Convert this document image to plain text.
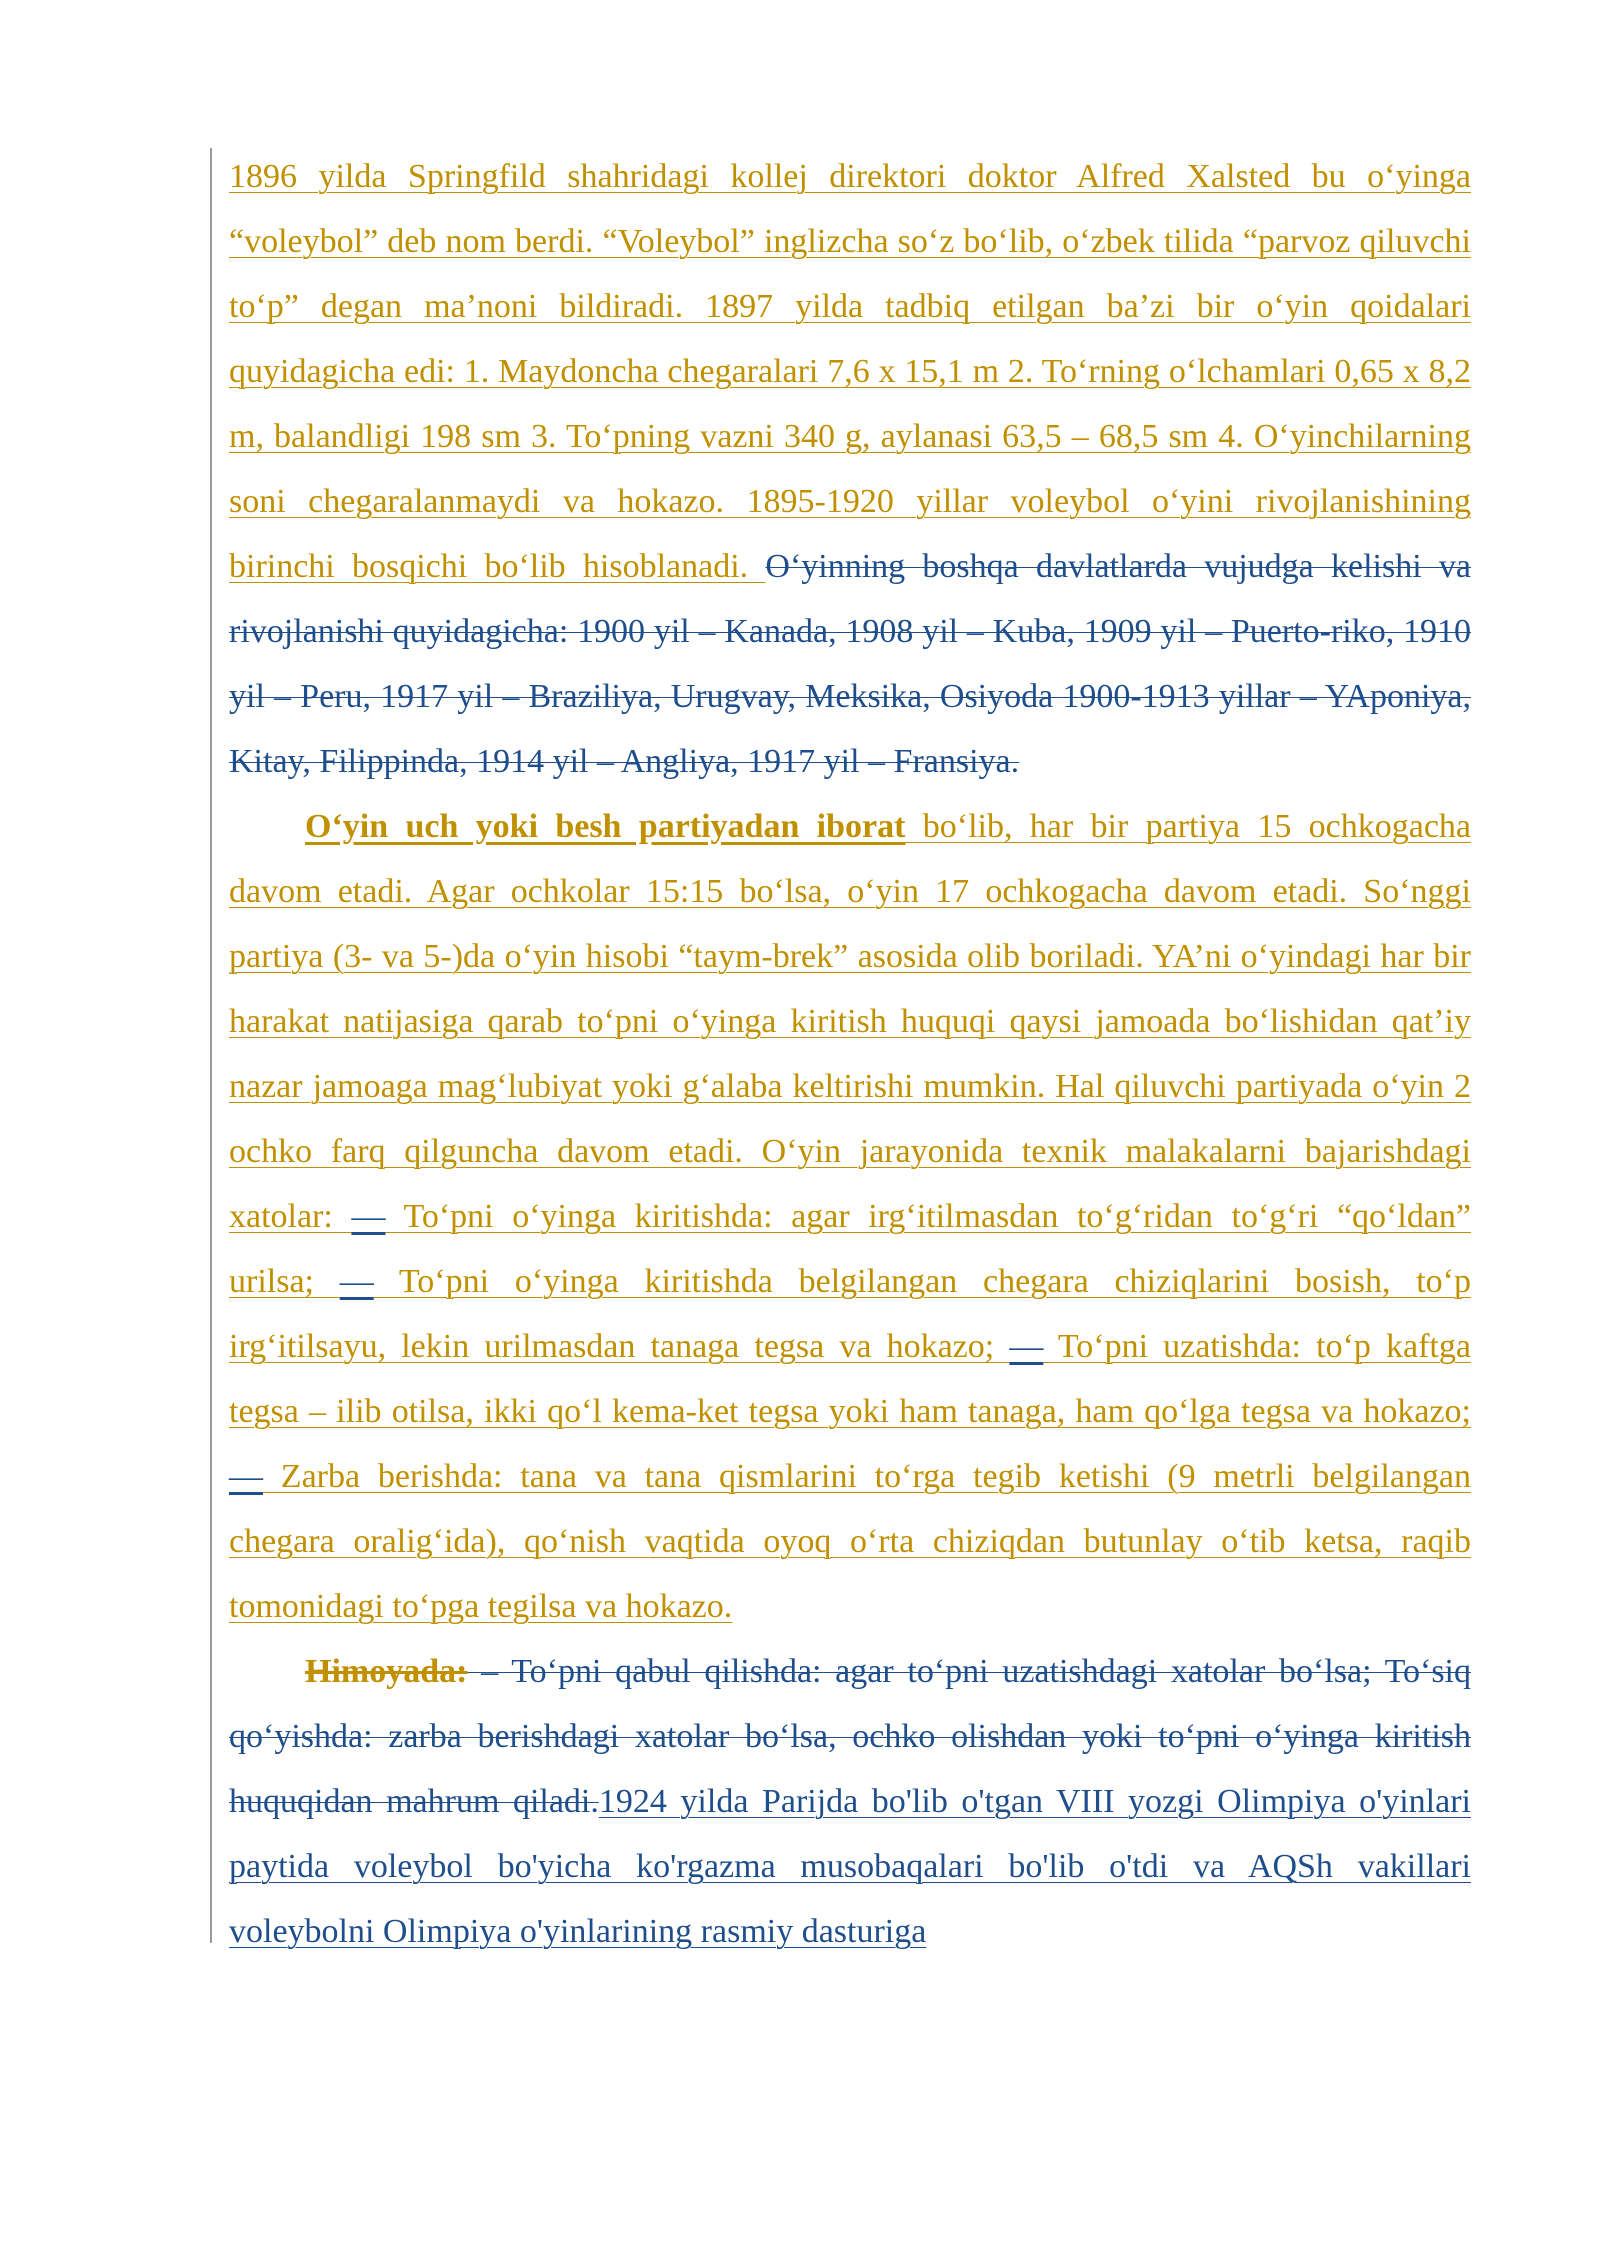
1896 yilda Springfild shahridagi kollej direktori doktor Alfred Xalsted bu o‘yinga “voleybol” deb nom berdi. “Voleybol” inglizcha so‘z bo‘lib, o‘zbek tilida “parvoz qiluvchi to‘p” degan ma’noni bildiradi. 1897 yilda tadbiq etilgan ba’zi bir o‘yin qoidalari quyidagicha edi: 1. Maydoncha chegaralari 7,6 x 15,1 m 2. To‘rning o‘lchamlari 0,65 x 8,2 m, balandligi 198 sm 3. To‘pning vazni 340 g, aylanasi 63,5 – 68,5 sm 4. O‘yinchilarning soni chegaralanmaydi va hokazo. 1895-1920 yillar voleybol o‘yini rivojlanishining birinchi bosqichi bo‘lib hisoblanadi. O‘yinning boshqa davlatlarda vujudga kelishi va rivojlanishi quyidagicha: 1900 yil – Kanada, 1908 yil – Kuba, 1909 yil – Puerto-riko, 1910 yil – Peru, 1917 yil – Braziliya, Urugvay, Meksika, Osiyoda 1900-1913 yillar – YAponiya, Kitay, Filippinda, 1914 yil – Angliya, 1917 yil – Fransiya.

O‘yin uch yoki besh partiyadan iborat bo‘lib, har bir partiya 15 ochkogacha davom etadi. Agar ochkolar 15:15 bo‘lsa, o‘yin 17 ochkogacha davom etadi. So‘nggi partiya (3- va 5-)da o‘yin hisobi “taym-brek” asosida olib boriladi. YA’ni o‘yindagi har bir harakat natijasiga qarab to‘pni o‘yinga kiritish huquqi qaysi jamoada bo‘lishidan qat’iy nazar jamoaga mag‘lubiyat yoki g‘alaba keltirishi mumkin. Hal qiluvchi partiyada o‘yin 2 ochko farq qilguncha davom etadi. O‘yin jarayonida texnik malakalarni bajarishdagi xatolar: — To‘pni o‘yinga kiritishda: agar irg‘itilmasdan to‘g‘ridan to‘g‘ri “qo‘ldan” urilsa; — To‘pni o‘yinga kiritishda belgilangan chegara chiziqlarini bosish, to‘p irg‘itilsayu, lekin urilmasdan tanaga tegsa va hokazo; — To‘pni uzatishda: to‘p kaftga tegsa – ilib otilsa, ikki qo‘l kema-ket tegsa yoki ham tanaga, ham qo‘lga tegsa va hokazo; — Zarba berishda: tana va tana qismlarini to‘rga tegib ketishi (9 metrli belgilangan chegara oralig‘ida), qo‘nish vaqtida oyoq o‘rta chiziqdan butunlay o‘tib ketsa, raqib tomonidagi to‘pga tegilsa va hokazo.

Himoyada: – To‘pni qabul qilishda: agar to‘pni uzatishdagi xatolar bo‘lsa; To‘siq qo‘yishda: zarba berishdagi xatolar bo‘lsa, ochko olishdan yoki to‘pni o‘yinga kiritish huquqidan mahrum qiladi.1924 yilda Parijda bo'lib o'tgan VIII yozgi Olimpiya o'yinlari paytida voleybol bo'yicha ko'rgazma musobaqalari bo'lib o'tdi va AQSh vakillari voleybolni Olimpiya o'yinlarining rasmiy dasturiga
